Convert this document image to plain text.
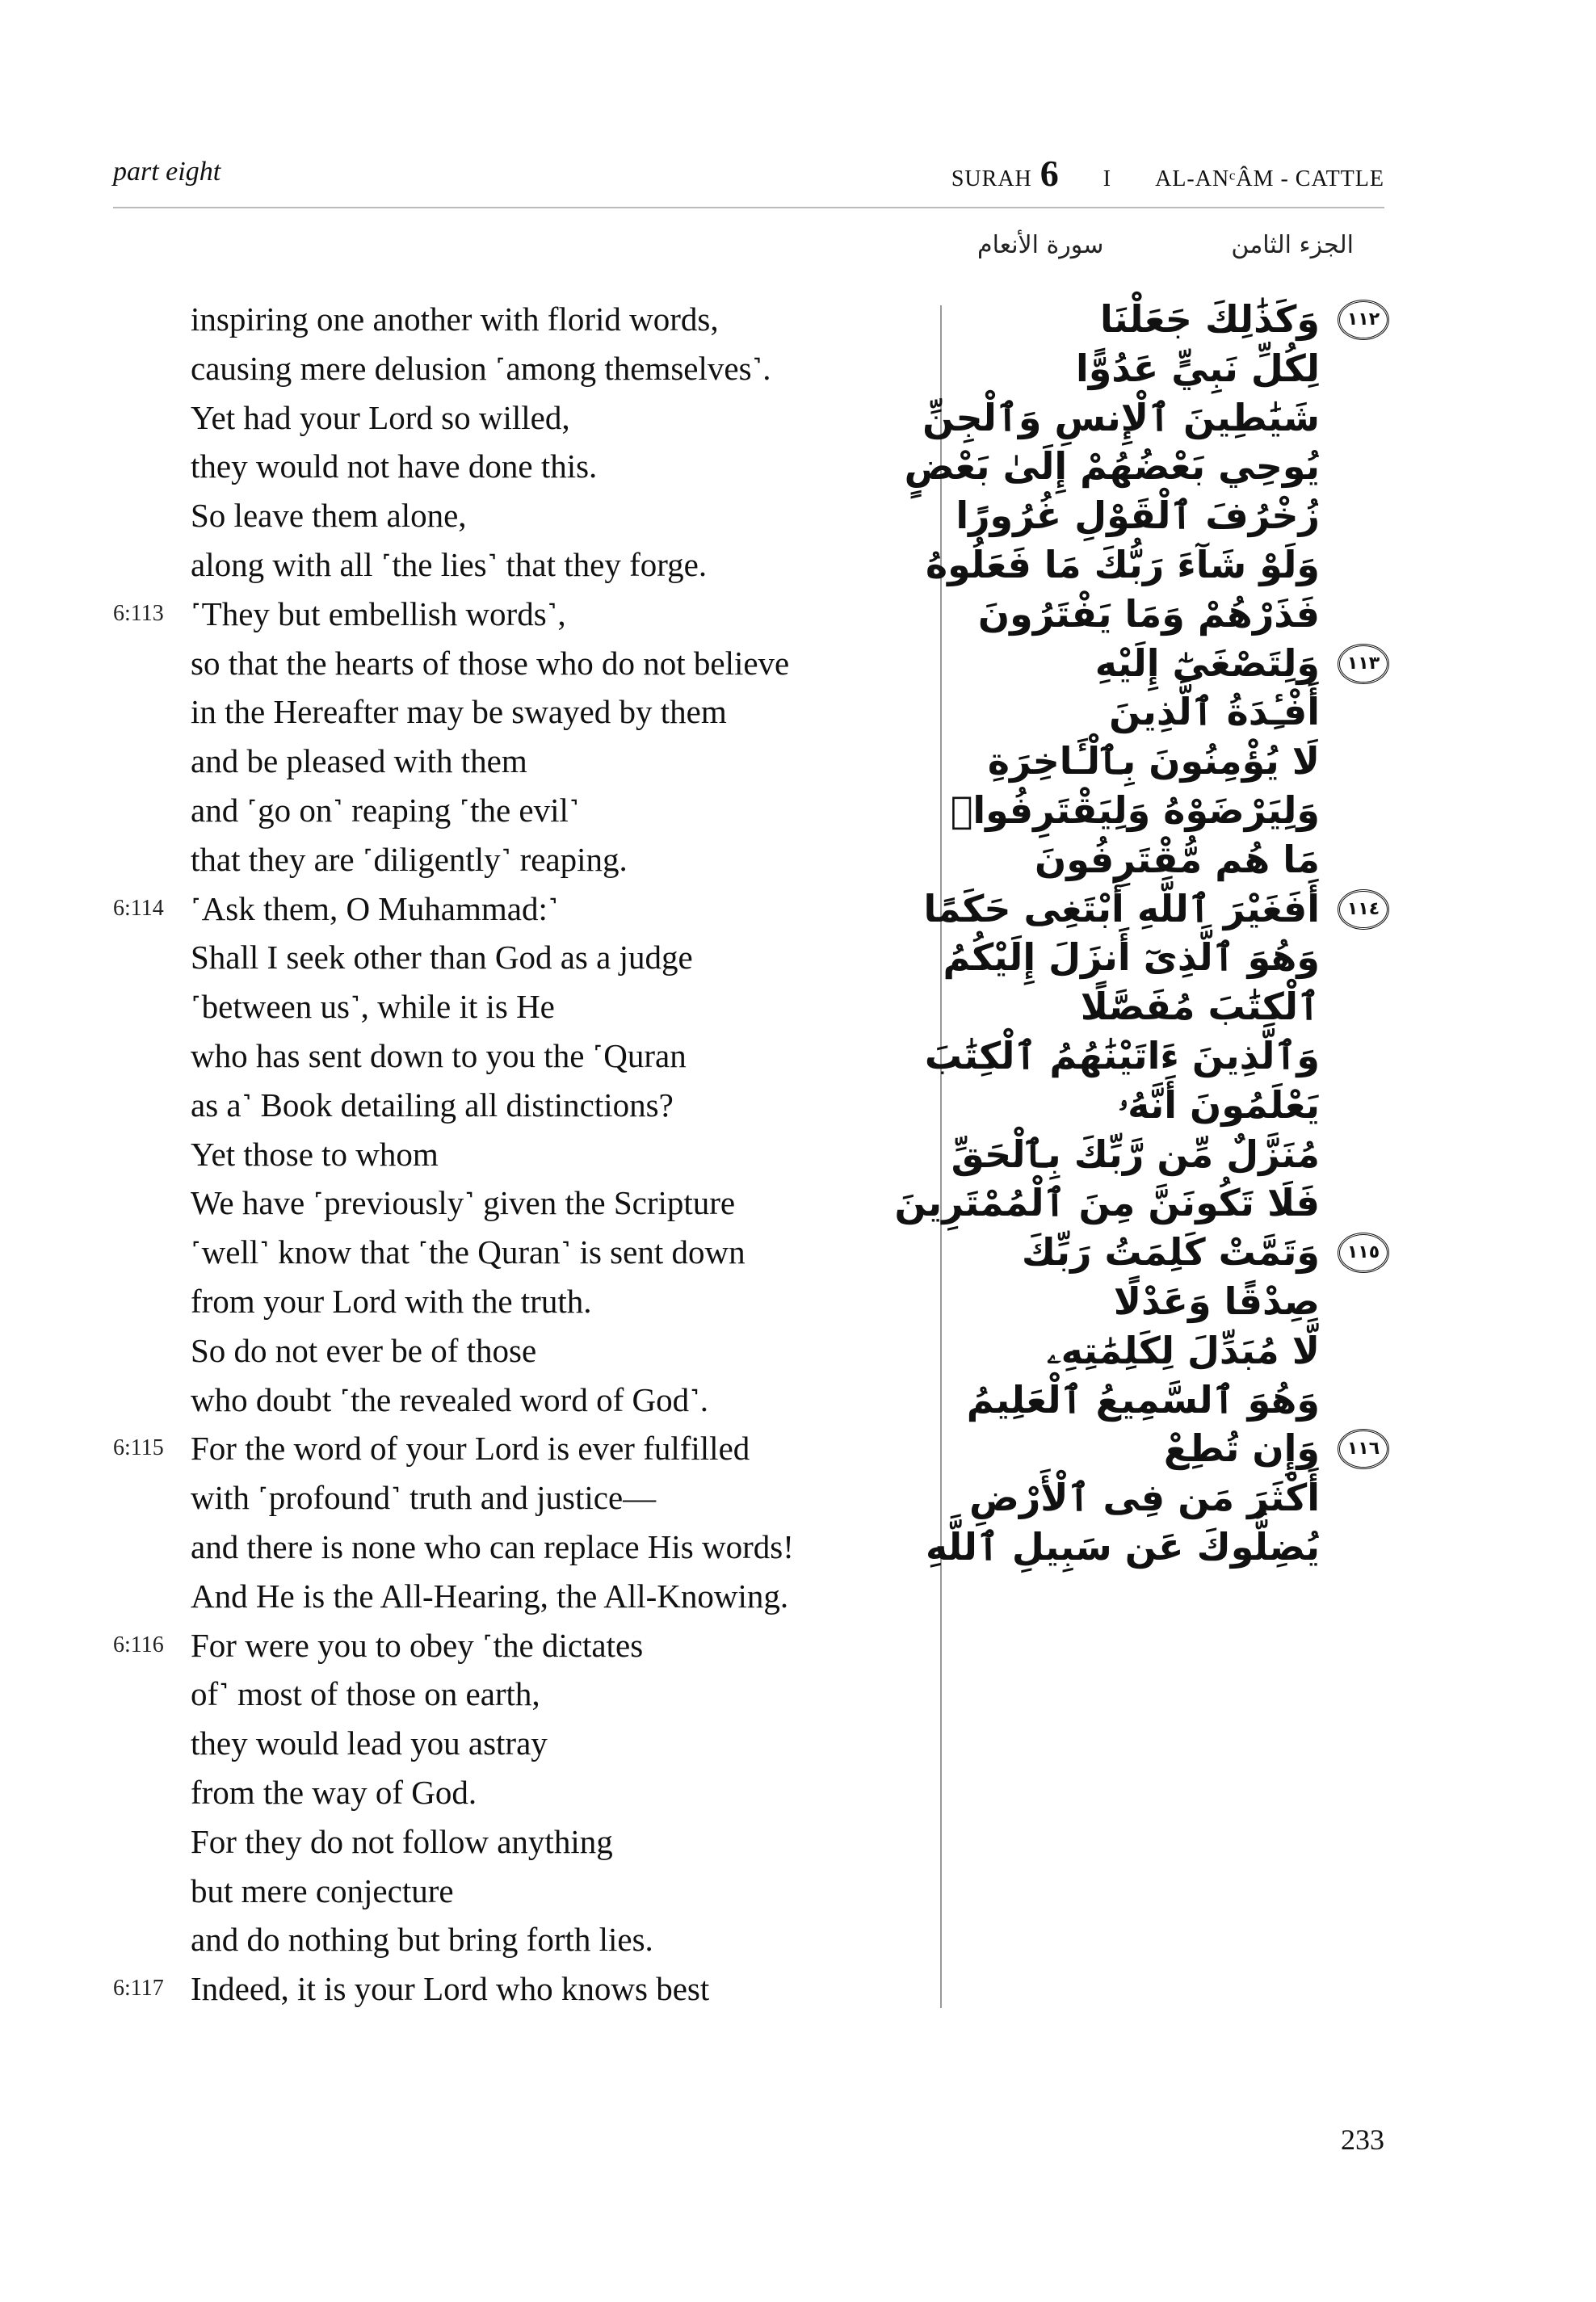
part eight	SURAH 6 I AL-ANᶜÂM - CATTLE
الجزء الثامن
سورة الأنعام
inspiring one another with florid words,
causing mere delusion ˹among themselves˺.
Yet had your Lord so willed,
they would not have done this.
So leave them alone,
along with all ˹the lies˺ that they forge.
6:113 ˹They but embellish words˺,
so that the hearts of those who do not believe
in the Hereafter may be swayed by them
and be pleased with them
and ˹go on˺ reaping ˹the evil˺
that they are ˹diligently˺ reaping.
6:114 ˹Ask them, O Muhammad:˺
Shall I seek other than God as a judge
˹between us˺, while it is He
who has sent down to you the ˹Quran
as a˺ Book detailing all distinctions?
Yet those to whom
We have ˹previously˺ given the Scripture
˹well˺ know that ˹the Quran˺ is sent down
from your Lord with the truth.
So do not ever be of those
who doubt ˹the revealed word of God˺.
6:115 For the word of your Lord is ever fulfilled
with ˹profound˺ truth and justice—
and there is none who can replace His words!
And He is the All-Hearing, the All-Knowing.
6:116 For were you to obey ˹the dictates
of˺ most of those on earth,
they would lead you astray
from the way of God.
For they do not follow anything
but mere conjecture
and do nothing but bring forth lies.
6:117 Indeed, it is your Lord who knows best
١١٢
وَكَذَٰلِكَ جَعَلْنَا
لِكُلِّ نَبِيٍّ عَدُوًّا
شَيَٰطِينَ ٱلْإِنسِ وَٱلْجِنِّ
يُوحِي بَعْضُهُمْ إِلَىٰ بَعْضٍ
زُخْرُفَ ٱلْقَوْلِ غُرُورًا
وَلَوْ شَآءَ رَبُّكَ مَا فَعَلُوهُ
فَذَرْهُمْ وَمَا يَفْتَرُونَ
١١٣
وَلِتَصْغَىٰٓ إِلَيْهِ
أَفْـِٔدَةُ ٱلَّذِينَ
لَا يُؤْمِنُونَ بِٱلْـَٔاخِرَةِ
وَلِيَرْضَوْهُ وَلِيَقْتَرِفُوا۟
مَا هُم مُّقْتَرِفُونَ
١١٤
أَفَغَيْرَ ٱللَّهِ أَبْتَغِى حَكَمًا
وَهُوَ ٱلَّذِىٓ أَنزَلَ إِلَيْكُمُ
ٱلْكِتَٰبَ مُفَصَّلًا
وَٱلَّذِينَ ءَاتَيْنَٰهُمُ ٱلْكِتَٰبَ
يَعْلَمُونَ أَنَّهُۥ
مُنَزَّلٌ مِّن رَّبِّكَ بِٱلْحَقِّ
فَلَا تَكُونَنَّ مِنَ ٱلْمُمْتَرِينَ
١١٥
وَتَمَّتْ كَلِمَتُ رَبِّكَ
صِدْقًا وَعَدْلًا
لَّا مُبَدِّلَ لِكَلِمَٰتِهِۦ
وَهُوَ ٱلسَّمِيعُ ٱلْعَلِيمُ
١١٦
وَإِن تُطِعْ
أَكْثَرَ مَن فِى ٱلْأَرْضِ
يُضِلُّوكَ عَن سَبِيلِ ٱللَّهِ
233
